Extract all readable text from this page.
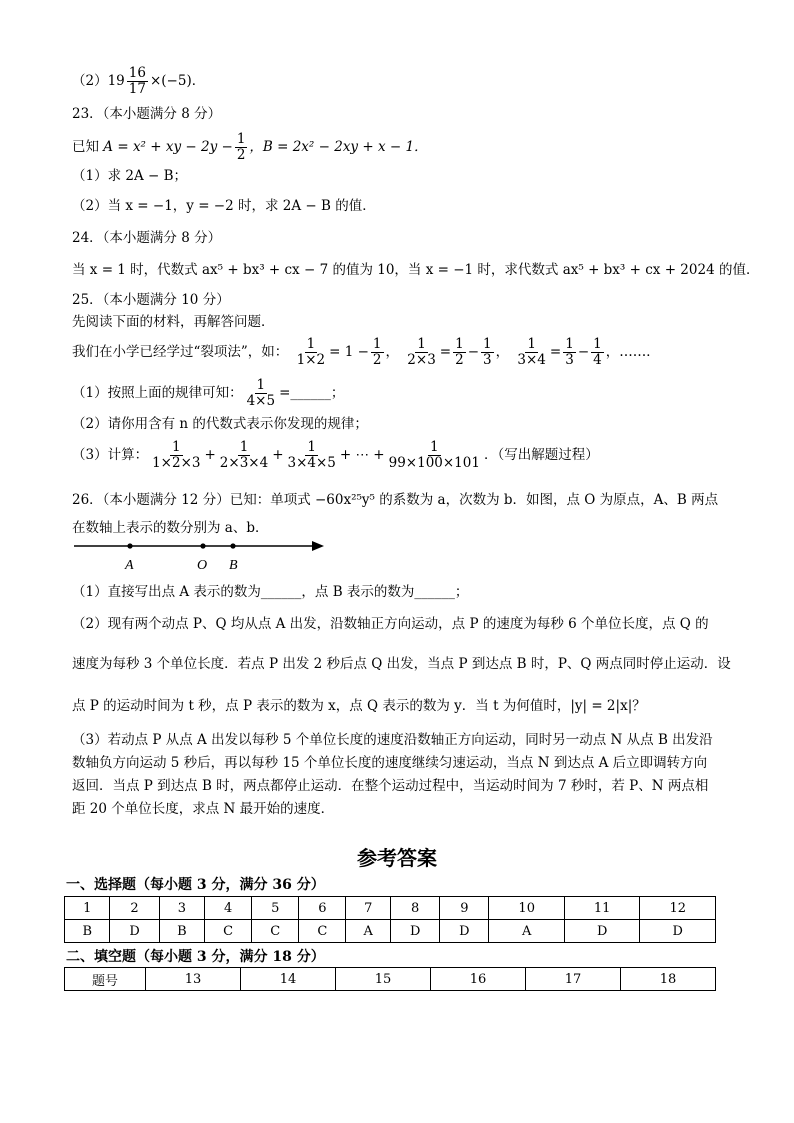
$(2)19 \frac{16}{17} \times(-5)$．
23．（本小题满分 8 分）
已知 A = x² + xy − $2y - \frac{1}{2}$ ，B = 2x² − 2xy + x − 1．
（1）求 2A − B；
（2）当 x = −1，y = −2 时，求 2A − B 的值．
24．（本小题满分 8 分）
当 x = 1 时，代数式 ax⁵ + bx³ + cx − 7 的值为 10，当 x = −1 时，求代数式 ax⁵ + bx³ + cx + 2024 的值．
25．（本小题满分 10 分）
先阅读下面的材料，再解答问题．
我们在小学已经学过“裂项法”，如： $\frac{1}{1\times 2} = 1 - \frac{1}{2}$ ， $\frac{1}{2\times 3} = \frac{1}{2} - \frac{1}{3}$ ， $\frac{1}{3\times 4} = \frac{1}{3} - \frac{1}{4}$ ，……．
（1）按照上面的规律可知： $\frac{1}{4\times 5}$ =______；
（2）请你用含有 n 的代数式表示你发现的规律；
（3）计算： $\frac{1}{1\times 2\times 3} + \frac{1}{2\times 3\times 4} + \frac{1}{3\times 4\times 5}$ + ⋯ + $\frac{1}{99\times 100\times 101}$ ．（写出解题过程）
26．（本小题满分 12 分）已知：单项式 −60x²⁵y⁵ 的系数为 a，次数为 b．如图，点 O 为原点，A、B 两点
在数轴上表示的数分别为 a、b．
A	O B
（1）直接写出点 A 表示的数为______，点 B 表示的数为______；
（2）现有两个动点 P、Q 均从点 A 出发，沿数轴正方向运动，点 P 的速度为每秒 6 个单位长度，点 Q 的
速度为每秒 3 个单位长度．若点 P 出发 2 秒后点 Q 出发，当点 P 到达点 B 时，P、Q 两点同时停止运动．设
点 P 的运动时间为 t 秒，点 P 表示的数为 x，点 Q 表示的数为 y．当 t 为何值时，|y| = 2|x|？
（3）若动点 P 从点 A 出发以每秒 5 个单位长度的速度沿数轴正方向运动，同时另一动点 N 从点 B 出发沿
数轴负方向运动 5 秒后，再以每秒 15 个单位长度的速度继续匀速运动，当点 N 到达点 A 后立即调转方向
返回．当点 P 到达点 B 时，两点都停止运动．在整个运动过程中，当运动时间为 7 秒时，若 P、N 两点相
距 20 个单位长度，求点 N 最开始的速度．
参考答案
一、选择题（每小题 3 分，满分 36 分）
1	2	3	4	5	6	7	8	9	10	11	12
B	D	B	C	C	C	A	D	D	A	D	D
二、填空题（每小题 3 分，满分 18 分）
题号	13	14	15	16	17	18
